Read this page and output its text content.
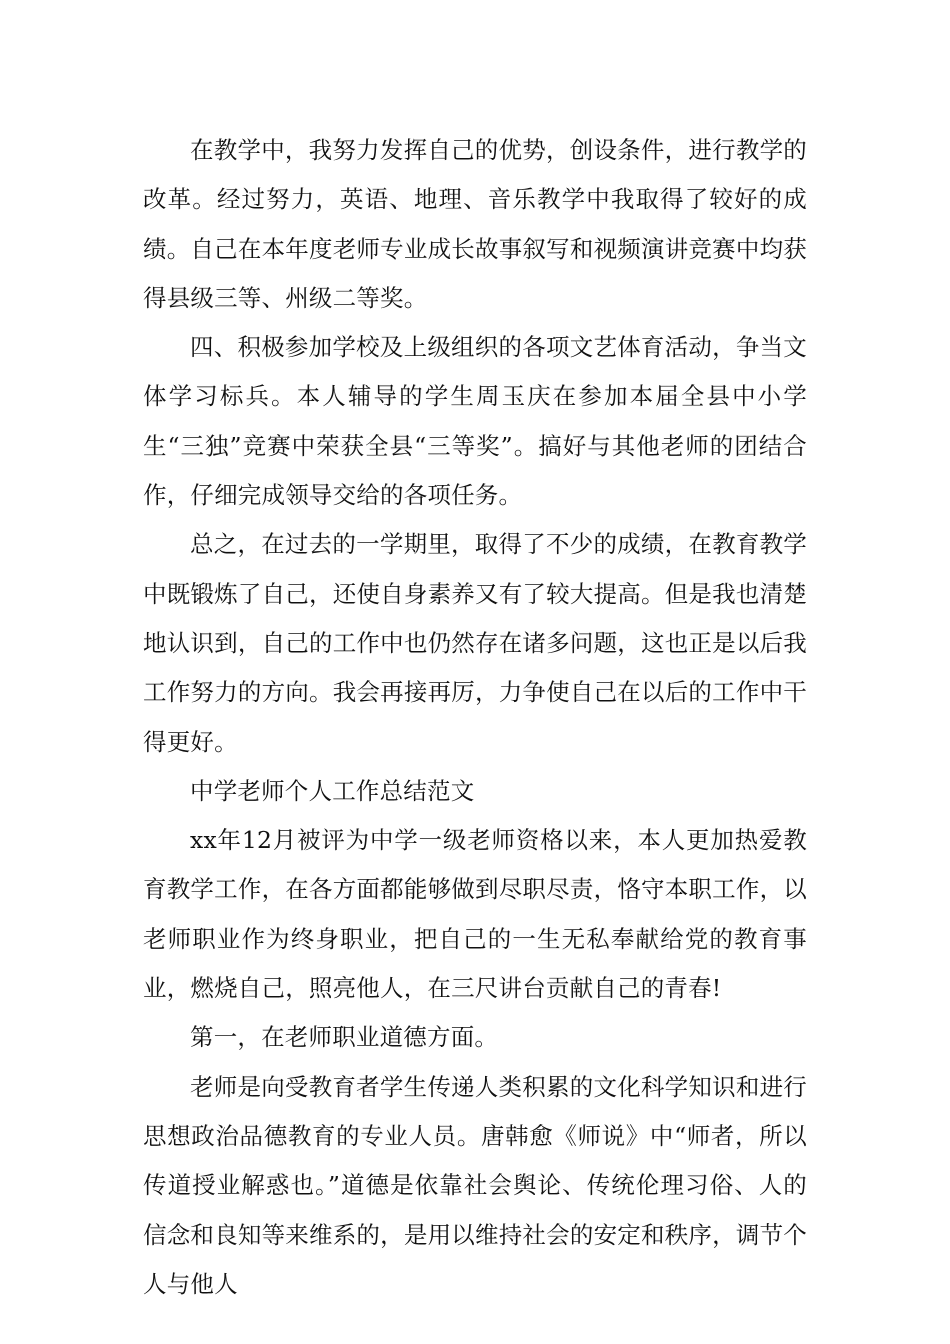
在教学中，我努力发挥自己的优势，创设条件，进行教学的改革。经过努力，英语、地理、音乐教学中我取得了较好的成绩。自己在本年度老师专业成长故事叙写和视频演讲竞赛中均获得县级三等、州级二等奖。

四、积极参加学校及上级组织的各项文艺体育活动，争当文体学习标兵。本人辅导的学生周玉庆在参加本届全县中小学生“三独”竞赛中荣获全县“三等奖”。搞好与其他老师的团结合作，仔细完成领导交给的各项任务。

总之，在过去的一学期里，取得了不少的成绩，在教育教学中既锻炼了自己，还使自身素养又有了较大提高。但是我也清楚地认识到，自己的工作中也仍然存在诸多问题，这也正是以后我工作努力的方向。我会再接再厉，力争使自己在以后的工作中干得更好。

中学老师个人工作总结范文

xx年12月被评为中学一级老师资格以来，本人更加热爱教育教学工作，在各方面都能够做到尽职尽责，恪守本职工作，以老师职业作为终身职业，把自己的一生无私奉献给党的教育事业，燃烧自己，照亮他人，在三尺讲台贡献自己的青春!

第一，在老师职业道德方面。

老师是向受教育者学生传递人类积累的文化科学知识和进行思想政治品德教育的专业人员。唐韩愈《师说》中“师者，所以传道授业解惑也。”道德是依靠社会舆论、传统伦理习俗、人的信念和良知等来维系的，是用以维持社会的安定和秩序，调节个人与他人
